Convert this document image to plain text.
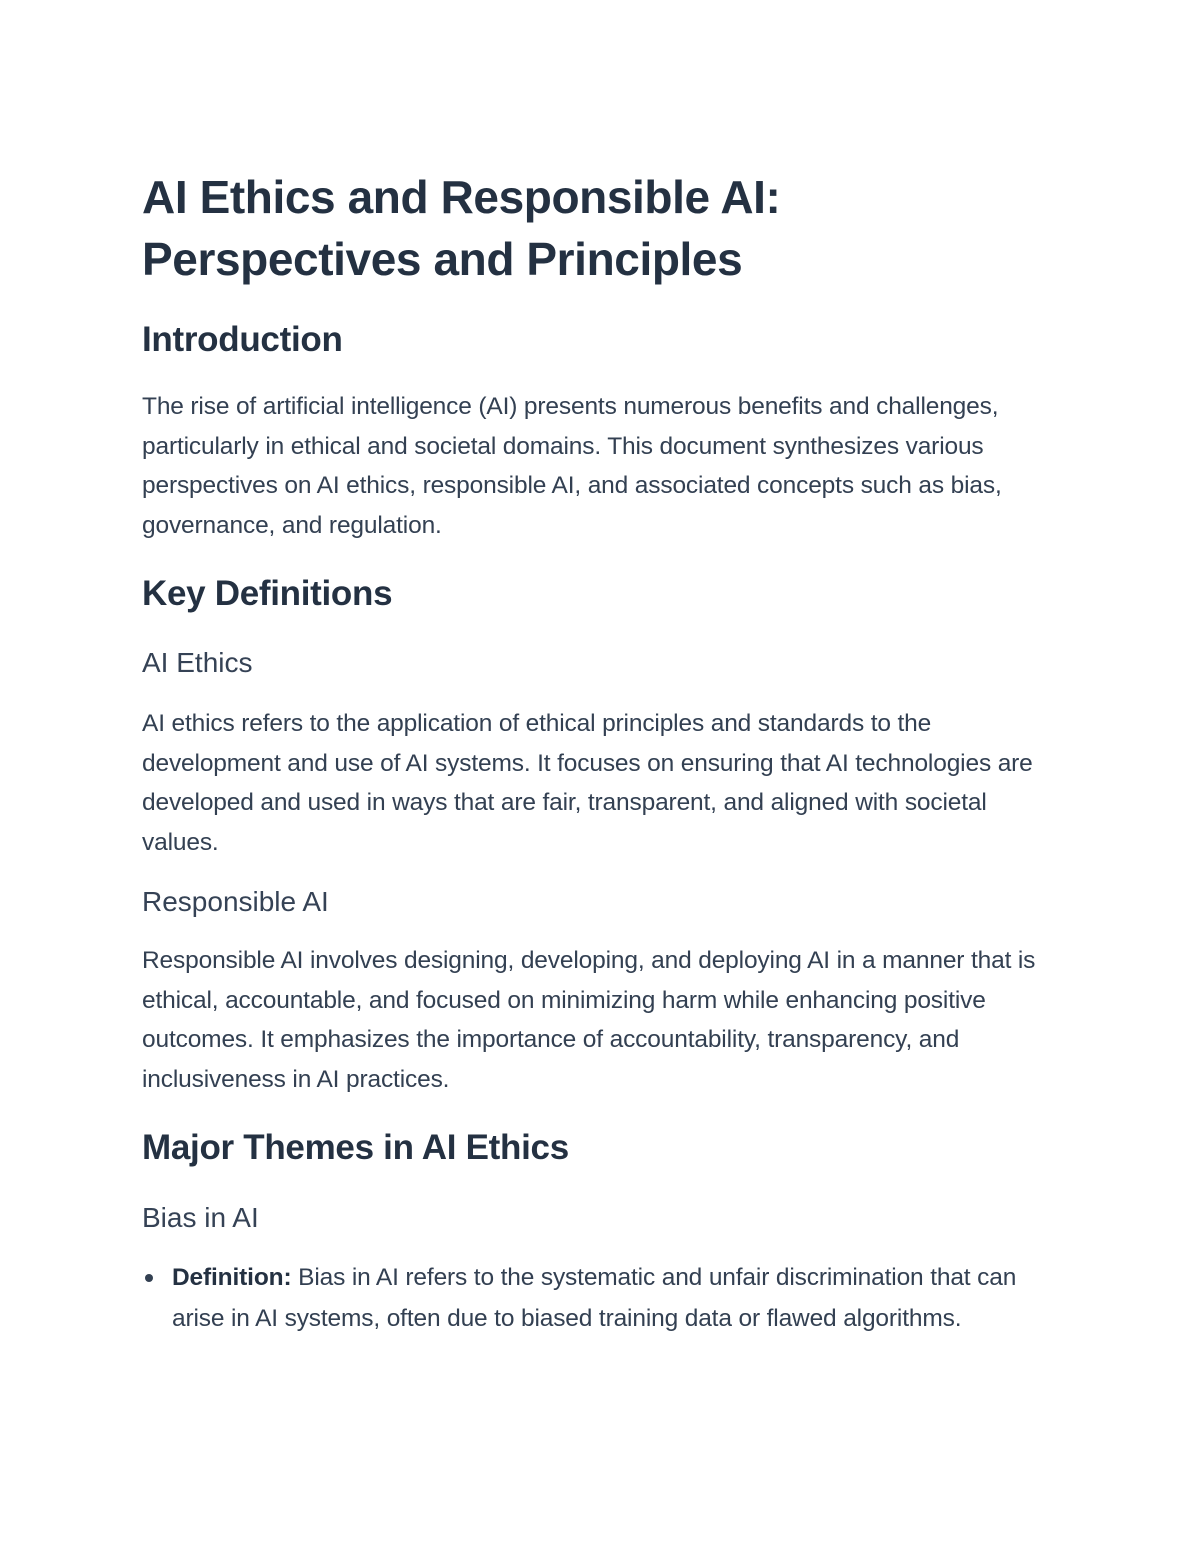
AI Ethics and Responsible AI:
Perspectives and Principles
Introduction

The rise of artificial intelligence (AI) presents numerous benefits and challenges, particularly in ethical and societal domains. This document synthesizes various perspectives on AI ethics, responsible AI, and associated concepts such as bias, governance, and regulation.

Key Definitions
AI Ethics

AI ethics refers to the application of ethical principles and standards to the development and use of AI systems. It focuses on ensuring that AI technologies are developed and used in ways that are fair, transparent, and aligned with societal values.

Responsible AI

Responsible AI involves designing, developing, and deploying AI in a manner that is ethical, accountable, and focused on minimizing harm while enhancing positive outcomes. It emphasizes the importance of accountability, transparency, and inclusiveness in AI practices.

Major Themes in AI Ethics
Bias in AI
Definition: Bias in AI refers to the systematic and unfair discrimination that can arise in AI systems, often due to biased training data or flawed algorithms.
